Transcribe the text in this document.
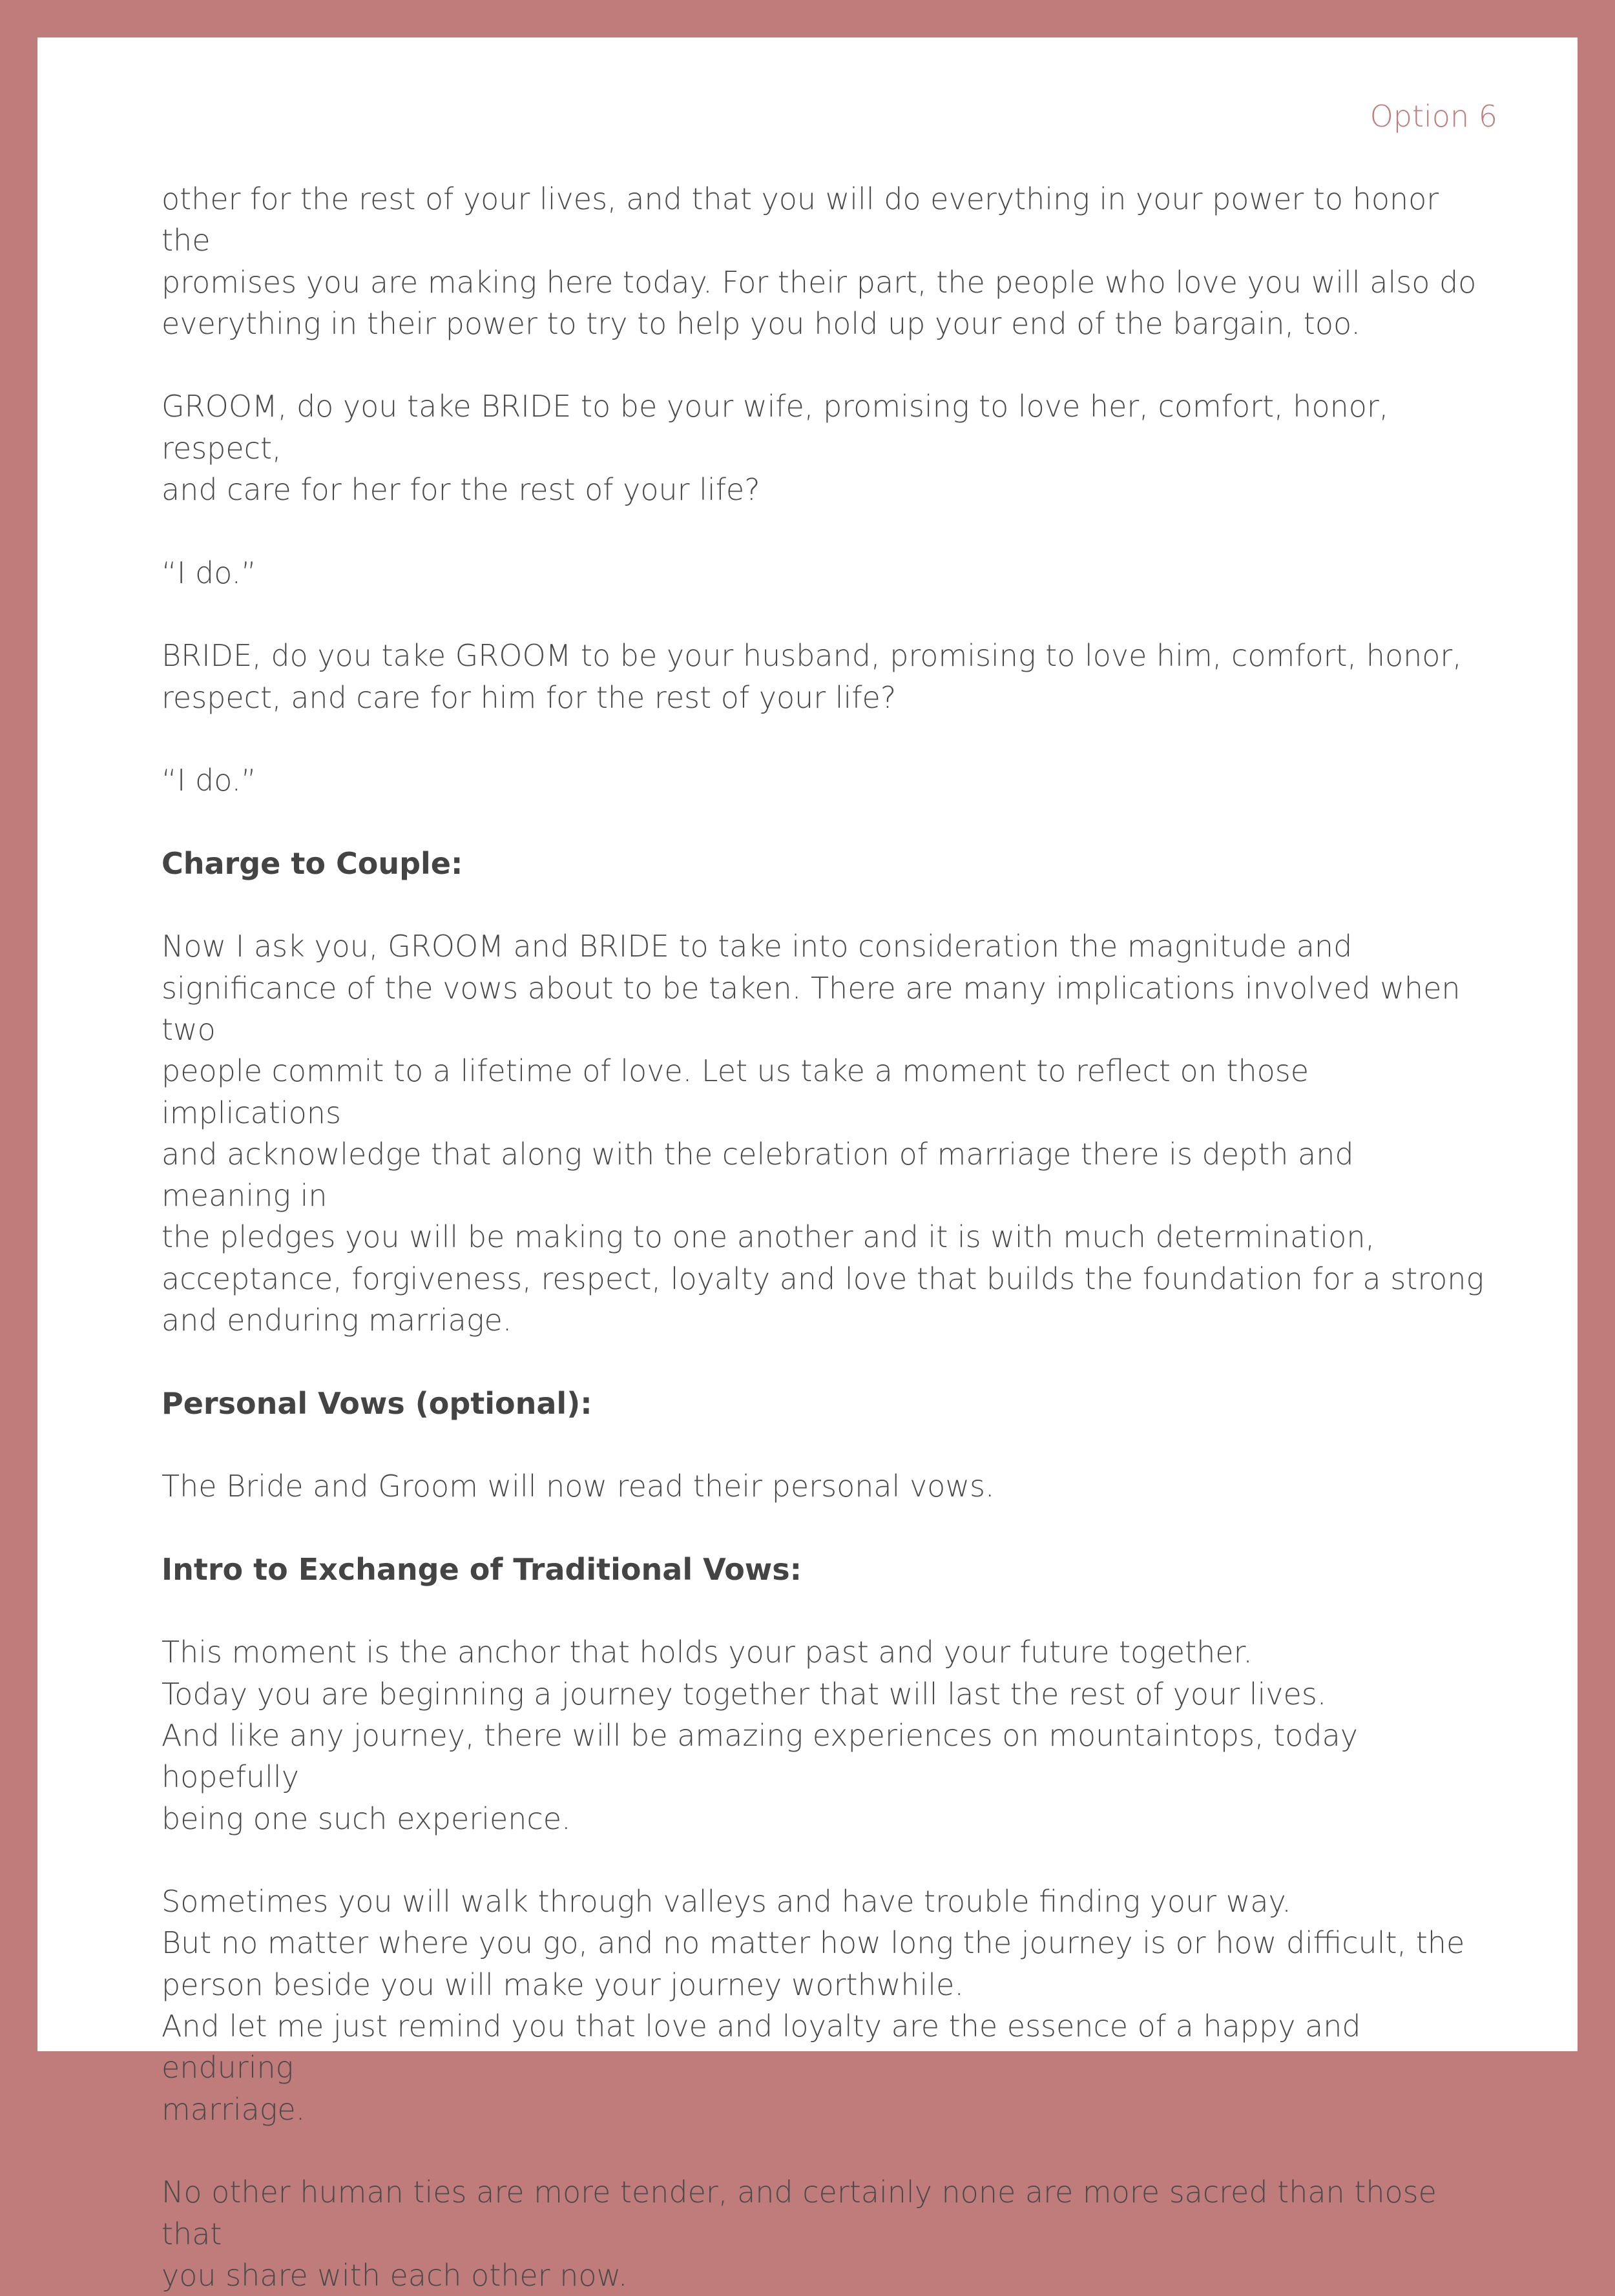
Option 6

other for the rest of your lives, and that you will do everything in your power to honor the
promises you are making here today. For their part, the people who love you will also do
everything in their power to try to help you hold up your end of the bargain, too.

GROOM, do you take BRIDE to be your wife, promising to love her, comfort, honor, respect,
and care for her for the rest of your life?

“I do.”

BRIDE, do you take GROOM to be your husband, promising to love him, comfort, honor,
respect, and care for him for the rest of your life?

“I do.”

Charge to Couple:

Now I ask you, GROOM and BRIDE to take into consideration the magnitude and
significance of the vows about to be taken. There are many implications involved when two
people commit to a lifetime of love. Let us take a moment to reflect on those implications
and acknowledge that along with the celebration of marriage there is depth and meaning in
the pledges you will be making to one another and it is with much determination,
acceptance, forgiveness, respect, loyalty and love that builds the foundation for a strong
and enduring marriage.

Personal Vows (optional):

The Bride and Groom will now read their personal vows.

Intro to Exchange of Traditional Vows:

This moment is the anchor that holds your past and your future together.
Today you are beginning a journey together that will last the rest of your lives.
And like any journey, there will be amazing experiences on mountaintops, today hopefully
being one such experience.

Sometimes you will walk through valleys and have trouble finding your way.
But no matter where you go, and no matter how long the journey is or how difficult, the
person beside you will make your journey worthwhile.
And let me just remind you that love and loyalty are the essence of a happy and enduring
marriage.

No other human ties are more tender, and certainly none are more sacred than those that
you share with each other now.
